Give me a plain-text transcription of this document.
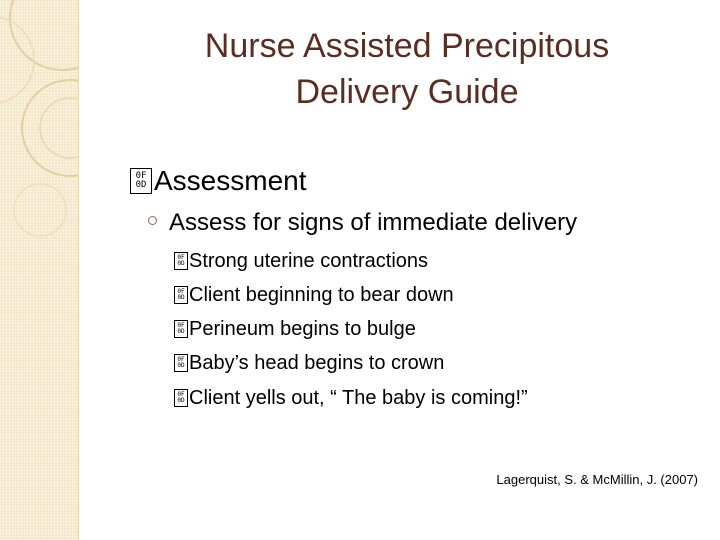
Nurse Assisted Precipitous
Delivery Guide
0F
0D Assessment
Assess for signs of immediate delivery
0F
0D Strong uterine contractions
0F
0D Client beginning to bear down
0F
0D Perineum begins to bulge
0F
0D Baby’s head begins to crown
0F
0D Client yells out, “ The baby is coming!”
Lagerquist, S. & McMillin, J. (2007)
